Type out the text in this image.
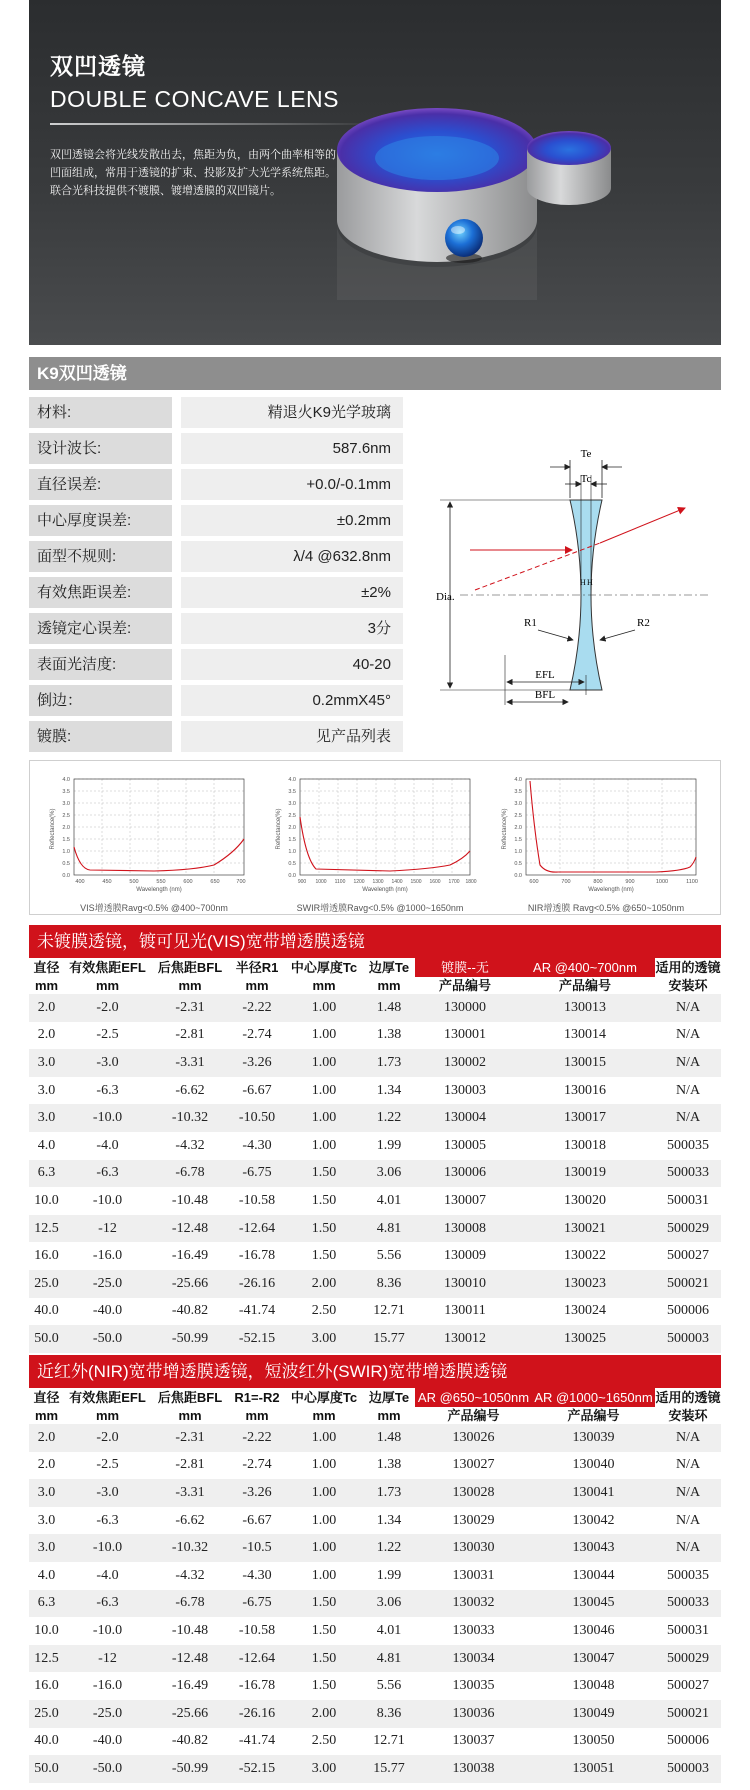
双凹透镜
DOUBLE CONCAVE LENS
双凹透镜会将光线发散出去，焦距为负，由两个曲率相等的
凹面组成，常用于透镜的扩束、投影及扩大光学系统焦距。
联合光科技提供不镀膜、镀增透膜的双凹镜片。
K9双凹透镜
材料:	精退火K9光学玻璃
设计波长:	587.6nm
直径误差:	+0.0/-0.1mm
中心厚度误差:	±0.2mm
面型不规则:	λ/4 @632.8nm
有效焦距误差:	±2%
透镜定心误差:	3分
表面光洁度:	40-20
倒边：	0.2mmX45°
镀膜:	见产品列表
Te
Tc
Dia.
H H
R1	R2
EFL
BFL
Reflectance(%)
4.0
3.5
3.0
2.5
2.0
1.5
1.0
0.5
0.0
400	450	500	550	600	650	700
Wavelength (nm)
VIS增透膜Ravg<0.5% @400~700nm
Reflectance(%)
4.0
3.5
3.0
2.5
2.0
1.5
1.0
0.5
0.0
900 1000 1100 1200 1300 1400 1500 1600 1700 1800
Wavelength (nm)
SWIR增透膜Ravg<0.5% @1000~1650nm
Reflectance(%)
4.0
3.5
3.0
2.5
2.0
1.5
1.0
0.5
0.0
600	700	800	900	1000	1100
Wavelength (nm)
NIR增透膜 Ravg<0.5% @650~1050nm
未镀膜透镜，镀可见光(VIS)宽带增透膜透镜
直径	有效焦距EFL	后焦距BFL	半径R1	中心厚度Tc	边厚Te	镀膜--无	AR @400~700nm	适用的透镜
mm	mm	mm	mm	mm	mm	产品编号	产品编号	安装环
2.0	-2.0	-2.31	-2.22	1.00	1.48	130000	130013	N/A
2.0	-2.5	-2.81	-2.74	1.00	1.38	130001	130014	N/A
3.0	-3.0	-3.31	-3.26	1.00	1.73	130002	130015	N/A
3.0	-6.3	-6.62	-6.67	1.00	1.34	130003	130016	N/A
3.0	-10.0	-10.32	-10.50	1.00	1.22	130004	130017	N/A
4.0	-4.0	-4.32	-4.30	1.00	1.99	130005	130018	500035
6.3	-6.3	-6.78	-6.75	1.50	3.06	130006	130019	500033
10.0	-10.0	-10.48	-10.58	1.50	4.01	130007	130020	500031
12.5	-12	-12.48	-12.64	1.50	4.81	130008	130021	500029
16.0	-16.0	-16.49	-16.78	1.50	5.56	130009	130022	500027
25.0	-25.0	-25.66	-26.16	2.00	8.36	130010	130023	500021
40.0	-40.0	-40.82	-41.74	2.50	12.71	130011	130024	500006
50.0	-50.0	-50.99	-52.15	3.00	15.77	130012	130025	500003
近红外(NIR)宽带增透膜透镜，短波红外(SWIR)宽带增透膜透镜
直径	有效焦距EFL	后焦距BFL	R1=-R2	中心厚度Tc	边厚Te	AR @650~1050nm	AR @1000~1650nm	适用的透镜
mm	mm	mm	mm	mm	mm	产品编号	产品编号	安装环
2.0	-2.0	-2.31	-2.22	1.00	1.48	130026	130039	N/A
2.0	-2.5	-2.81	-2.74	1.00	1.38	130027	130040	N/A
3.0	-3.0	-3.31	-3.26	1.00	1.73	130028	130041	N/A
3.0	-6.3	-6.62	-6.67	1.00	1.34	130029	130042	N/A
3.0	-10.0	-10.32	-10.5	1.00	1.22	130030	130043	N/A
4.0	-4.0	-4.32	-4.30	1.00	1.99	130031	130044	500035
6.3	-6.3	-6.78	-6.75	1.50	3.06	130032	130045	500033
10.0	-10.0	-10.48	-10.58	1.50	4.01	130033	130046	500031
12.5	-12	-12.48	-12.64	1.50	4.81	130034	130047	500029
16.0	-16.0	-16.49	-16.78	1.50	5.56	130035	130048	500027
25.0	-25.0	-25.66	-26.16	2.00	8.36	130036	130049	500021
40.0	-40.0	-40.82	-41.74	2.50	12.71	130037	130050	500006
50.0	-50.0	-50.99	-52.15	3.00	15.77	130038	130051	500003
